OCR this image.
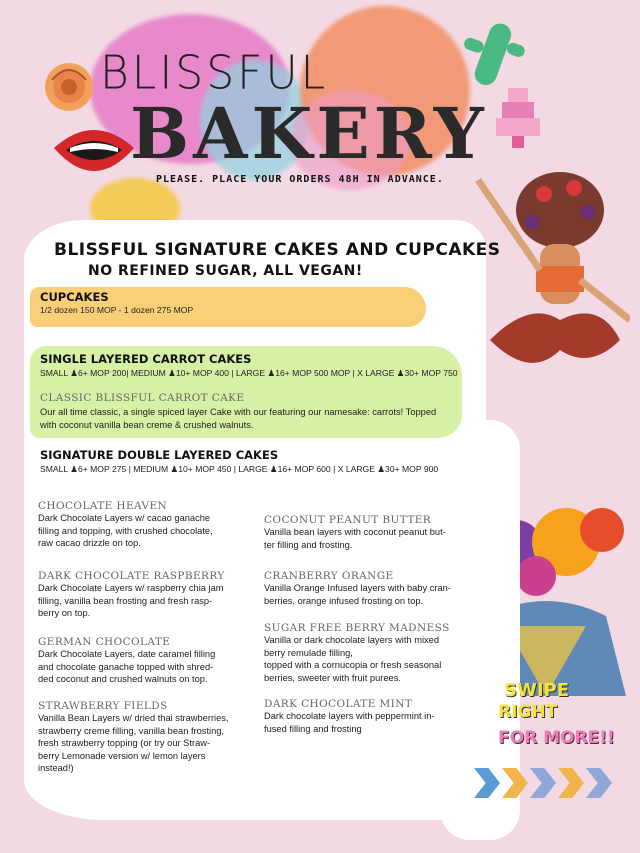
BLISSFUL
BAKERY
PLEASE. PLACE YOUR ORDERS 48H IN ADVANCE.
BLISSFUL SIGNATURE CAKES AND CUPCAKES
NO REFINED SUGAR, ALL VEGAN!
CUPCAKES
1/2 dozen 150 MOP - 1 dozen 275 MOP
SINGLE LAYERED CARROT CAKES
SMALL ♟6+ MOP 200| MEDIUM ♟10+ MOP 400 | LARGE ♟16+ MOP 500 MOP | X LARGE ♟30+ MOP 750
CLASSIC BLISSFUL CARROT CAKE
Our all time classic, a single spiced layer Cake with our featuring our namesake: carrots! Topped
with coconut vanilla bean creme & crushed walnuts.
SIGNATURE DOUBLE LAYERED CAKES
SMALL ♟6+ MOP 275 | MEDIUM ♟10+ MOP 450 | LARGE ♟16+ MOP 600 | X LARGE ♟30+ MOP 900
CHOCOLATE HEAVEN
Dark Chocolate Layers w/ cacao ganache
filling and topping, with crushed chocolate,
raw cacao drizzle on top.
DARK CHOCOLATE RASPBERRY
Dark Chocolate Layers w/ raspberry chia jam
filling, vanilla bean frosting and fresh rasp-
berry on top.
GERMAN CHOCOLATE
Dark Chocolate Layers, date caramel filling
and chocolate ganache topped with shred-
ded coconut and crushed walnuts on top.
STRAWBERRY FIELDS
Vanilla Bean Layers w/ dried thai strawberries,
strawberry creme filling, vanilla bean frosting,
fresh strawberry topping (or try our Straw-
berry Lemonade version w/ lemon layers
instead!)
COCONUT PEANUT BUTTER
Vanilla bean layers with coconut peanut but-
ter filling and frosting.
CRANBERRY ORANGE
Vanilla Orange Infused layers with baby cran-
berries, orange infused frosting on top.
SUGAR FREE BERRY MADNESS
Vanilla or dark chocolate layers with mixed
berry remulade filling,
topped with a cornucopia or fresh seasonal
berries, sweeter with fruit purees.
DARK CHOCOLATE MINT
Dark chocolate layers with peppermint in-
fused filling and frosting
SWIPE
RIGHT
FOR MORE!!
